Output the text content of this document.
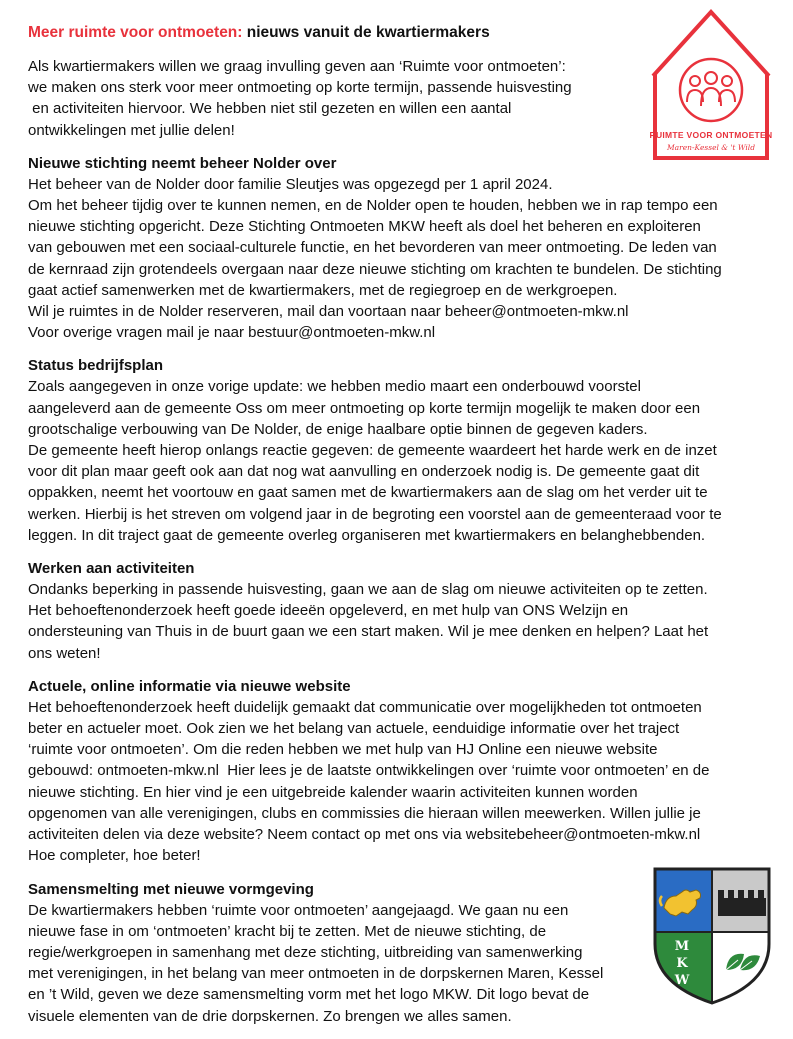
Meer ruimte voor ontmoeten: nieuws vanuit de kwartiermakers

Als kwartiermakers willen we graag invulling geven aan ‘Ruimte voor ontmoeten’:
we maken ons sterk voor meer ontmoeting op korte termijn, passende huisvesting
en activiteiten hiervoor. We hebben niet stil gezeten en willen een aantal
ontwikkelingen met jullie delen!

Nieuwe stichting neemt beheer Nolder over

Het beheer van de Nolder door familie Sleutjes was opgezegd per 1 april 2024.
Om het beheer tijdig over te kunnen nemen, en de Nolder open te houden, hebben we in rap tempo een
nieuwe stichting opgericht. Deze Stichting Ontmoeten MKW heeft als doel het beheren en exploiteren
van gebouwen met een sociaal-culturele functie, en het bevorderen van meer ontmoeting. De leden van
de kernraad zijn grotendeels overgaan naar deze nieuwe stichting om krachten te bundelen. De stichting
gaat actief samenwerken met de kwartiermakers, met de regiegroep en de werkgroepen.
Wil je ruimtes in de Nolder reserveren, mail dan voortaan naar beheer@ontmoeten-mkw.nl
Voor overige vragen mail je naar bestuur@ontmoeten-mkw.nl

Status bedrijfsplan

Zoals aangegeven in onze vorige update: we hebben medio maart een onderbouwd voorstel
aangeleverd aan de gemeente Oss om meer ontmoeting op korte termijn mogelijk te maken door een
grootschalige verbouwing van De Nolder, de enige haalbare optie binnen de gegeven kaders.
De gemeente heeft hierop onlangs reactie gegeven: de gemeente waardeert het harde werk en de inzet
voor dit plan maar geeft ook aan dat nog wat aanvulling en onderzoek nodig is. De gemeente gaat dit
oppakken, neemt het voortouw en gaat samen met de kwartiermakers aan de slag om het verder uit te
werken. Hierbij is het streven om volgend jaar in de begroting een voorstel aan de gemeenteraad voor te
leggen. In dit traject gaat de gemeente overleg organiseren met kwartiermakers en belanghebbenden.

Werken aan activiteiten

Ondanks beperking in passende huisvesting, gaan we aan de slag om nieuwe activiteiten op te zetten.
Het behoeftenonderzoek heeft goede ideeën opgeleverd, en met hulp van ONS Welzijn en
ondersteuning van Thuis in de buurt gaan we een start maken. Wil je mee denken en helpen? Laat het
ons weten!

Actuele, online informatie via nieuwe website

Het behoeftenonderzoek heeft duidelijk gemaakt dat communicatie over mogelijkheden tot ontmoeten
beter en actueler moet. Ook zien we het belang van actuele, eenduidige informatie over het traject
‘ruimte voor ontmoeten’. Om die reden hebben we met hulp van HJ Online een nieuwe website
gebouwd: ontmoeten-mkw.nl  Hier lees je de laatste ontwikkelingen over ‘ruimte voor ontmoeten’ en de
nieuwe stichting. En hier vind je een uitgebreide kalender waarin activiteiten kunnen worden
opgenomen van alle verenigingen, clubs en commissies die hieraan willen meewerken. Willen jullie je
activiteiten delen via deze website? Neem contact op met ons via websitebeheer@ontmoeten-mkw.nl
Hoe completer, hoe beter!

Samensmelting met nieuwe vormgeving

De kwartiermakers hebben ‘ruimte voor ontmoeten’ aangejaagd. We gaan nu een
nieuwe fase in om ‘ontmoeten’ kracht bij te zetten. Met de nieuwe stichting, de
regie/werkgroepen in samenhang met deze stichting, uitbreiding van samenwerking
met verenigingen, in het belang van meer ontmoeten in de dorpskernen Maren, Kessel
en ’t Wild, geven we deze samensmelting vorm met het logo MKW. Dit logo bevat de
visuele elementen van de drie dorpskernen. Zo brengen we alles samen.

RUIMTE VOOR ONTMOETEN
Maren-Kessel & 't Wild
M
K
W
